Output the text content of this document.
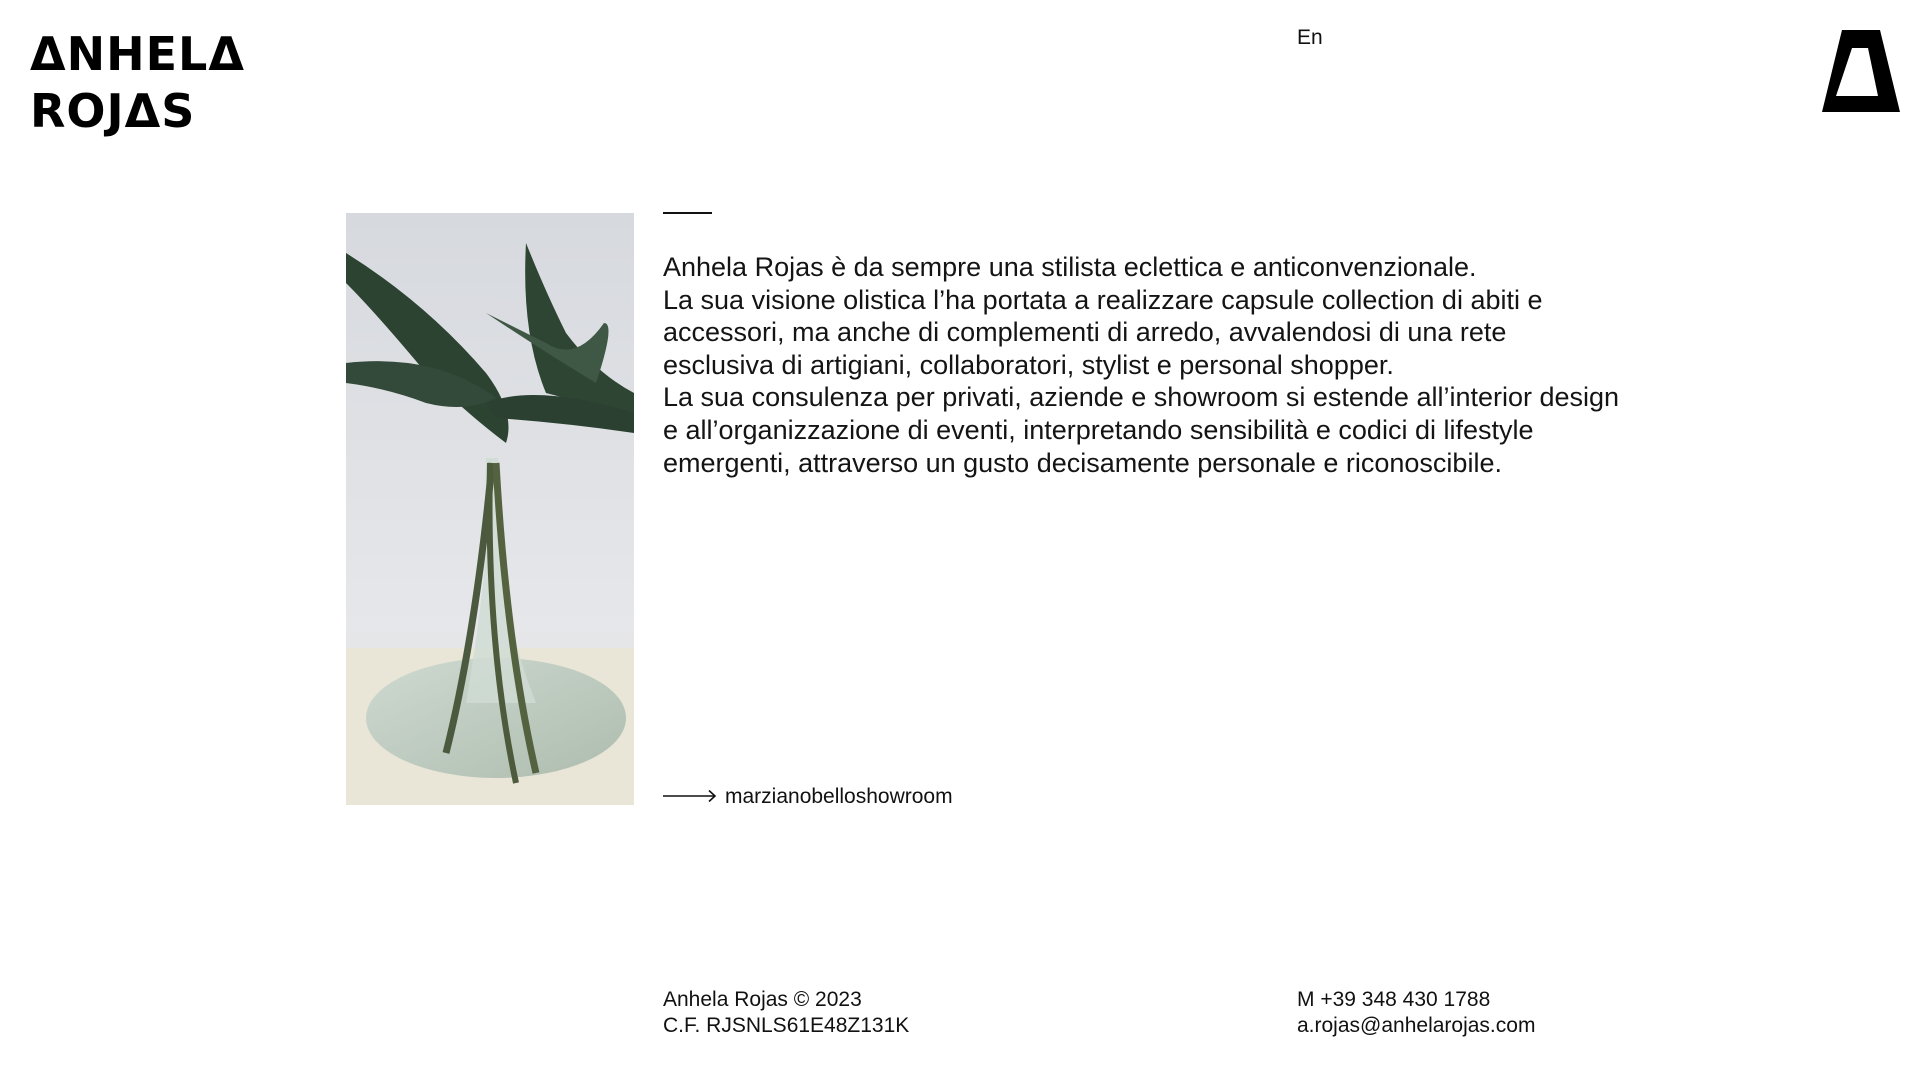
ΔNHELΔ
ROJΔS
En

Anhela Rojas è da sempre una stilista eclettica e anticonvenzionale.

La sua visione olistica l’ha portata a realizzare capsule collection di abiti e accessori, ma anche di complementi di arredo, avvalendosi di una rete esclusiva di artigiani, collaboratori, stylist e personal shopper.

La sua consulenza per privati, aziende e showroom si estende all’interior design e all’organizzazione di eventi, interpretando sensibilità e codici di lifestyle emergenti, attraverso un gusto decisamente personale e riconoscibile.

marzianobelloshowroom
Anhela Rojas © 2023
C.F. RJSNLS61E48Z131K
M +39 348 430 1788
a.rojas@anhelarojas.com
